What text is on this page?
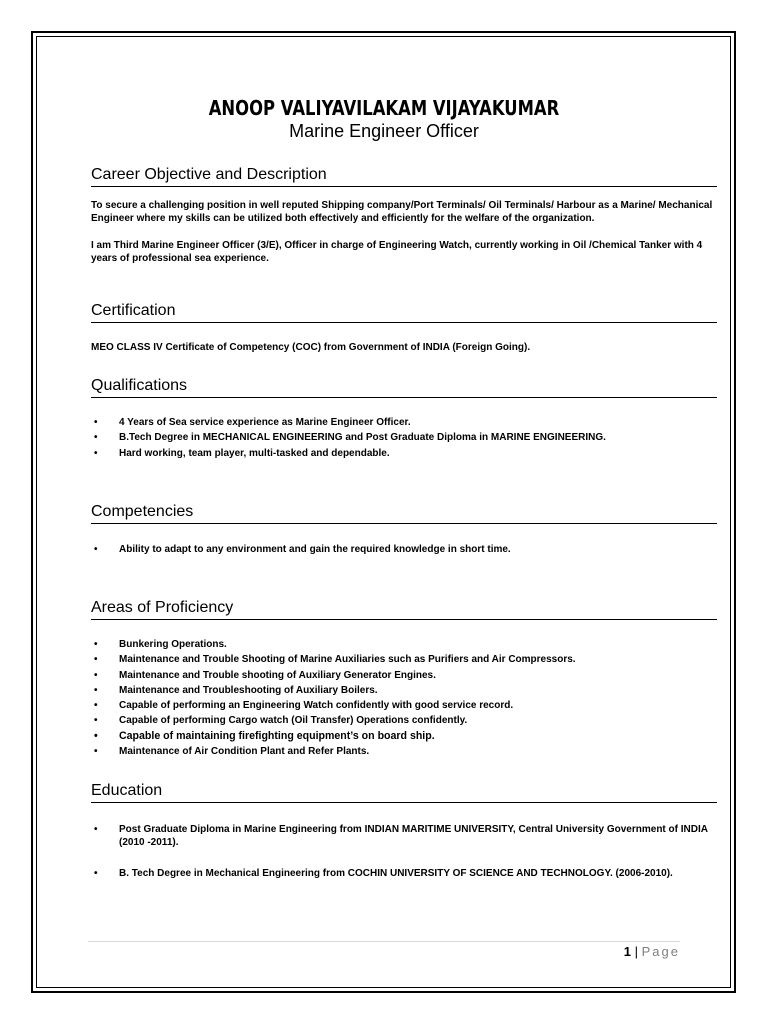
ANOOP VALIYAVILAKAM VIJAYAKUMAR
Marine Engineer Officer
Career Objective and Description

To secure a challenging position in well reputed Shipping company/Port Terminals/ Oil Terminals/ Harbour as a Marine/ Mechanical Engineer where my skills can be utilized both effectively and efficiently for the welfare of the organization.

I am Third Marine Engineer Officer (3/E), Officer in charge of Engineering Watch, currently working in Oil /Chemical Tanker with 4 years of professional sea experience.

Certification

MEO CLASS IV Certificate of Competency (COC) from Government of INDIA (Foreign Going).

Qualifications
• 4 Years of Sea service experience as Marine Engineer Officer.
• B.Tech Degree in MECHANICAL ENGINEERING and Post Graduate Diploma in MARINE ENGINEERING.
• Hard working, team player, multi-tasked and dependable.
Competencies
• Ability to adapt to any environment and gain the required knowledge in short time.
Areas of Proficiency
• Bunkering Operations.
• Maintenance and Trouble Shooting of Marine Auxiliaries such as Purifiers and Air Compressors.
• Maintenance and Trouble shooting of Auxiliary Generator Engines.
• Maintenance and Troubleshooting of Auxiliary Boilers.
• Capable of performing an Engineering Watch confidently with good service record.
• Capable of performing Cargo watch (Oil Transfer) Operations confidently.
• Capable of maintaining firefighting equipment’s on board ship.
• Maintenance of Air Condition Plant and Refer Plants.
Education
• Post Graduate Diploma in Marine Engineering from INDIAN MARITIME UNIVERSITY, Central University Government of INDIA (2010 -2011).
• B. Tech Degree in Mechanical Engineering from COCHIN UNIVERSITY OF SCIENCE AND TECHNOLOGY. (2006-2010).
1 | Page
